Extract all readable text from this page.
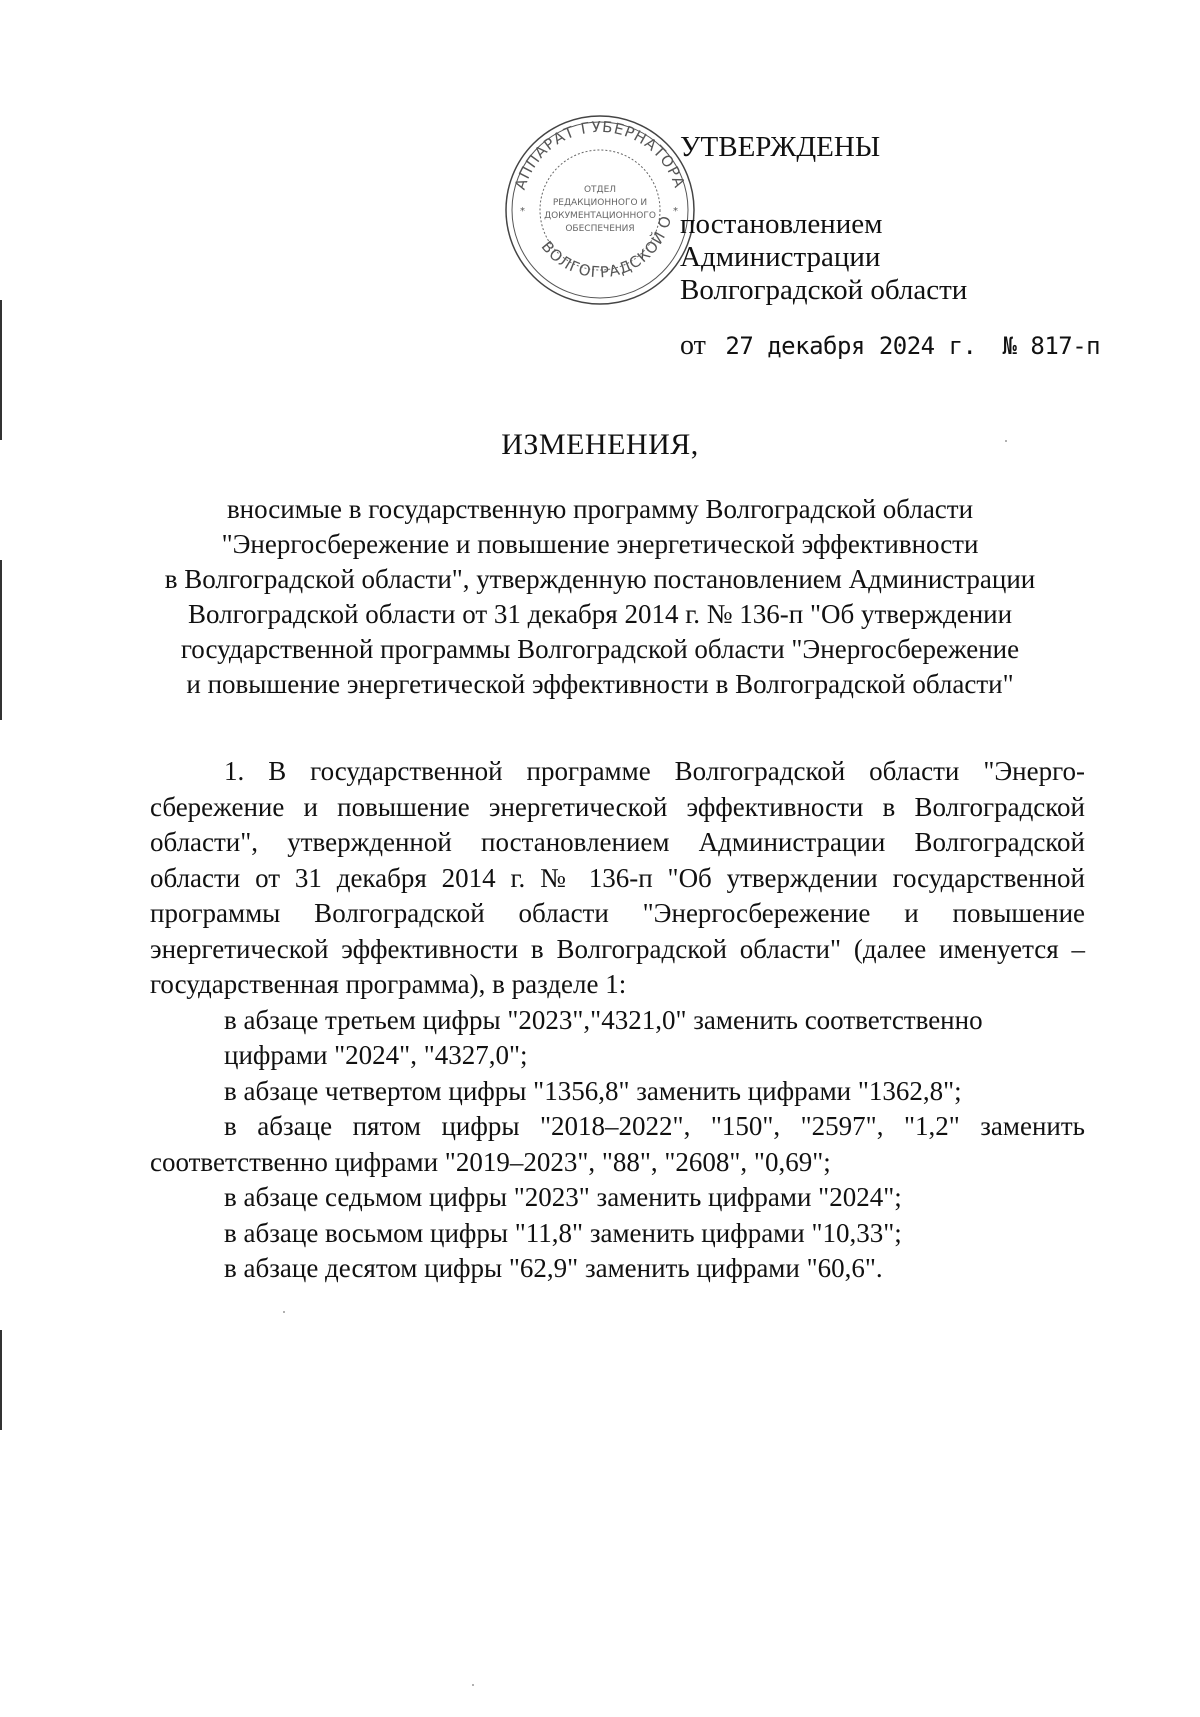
АППАРАТ ГУБЕРНАТОРА
ВОЛГОГРАДСКОЙ О
ОТДЕЛ
РЕДАКЦИОННОГО И
ДОКУМЕНТАЦИОННОГО
ОБЕСПЕЧЕНИЯ
*	*
УТВЕРЖДЕНЫ
постановлением
Администрации
Волгоградской области
от 27 декабря 2024 г. № 817-п
ИЗМЕНЕНИЯ,
вносимые в государственную программу Волгоградской области
"Энергосбережение и повышение энергетической эффективности
в Волгоградской области", утвержденную постановлением Администрации
Волгоградской области от 31 декабря 2014 г. № 136-п "Об утверждении
государственной программы Волгоградской области "Энергосбережение
и повышение энергетической эффективности в Волгоградской области"
1. В государственной программе Волгоградской области "Энерго-сбережение и повышение энергетической эффективности в Волгоградской области", утвержденной постановлением Администрации Волгоградской области от 31 декабря 2014 г. № 136-п "Об утверждении государственной программы Волгоградской области "Энергосбережение и повышение энергетической эффективности в Волгоградской области" (далее именуется – государственная программа), в разделе 1:
в абзаце третьем цифры "2023","4321,0" заменить соответственно
цифрами "2024", "4327,0";
в абзаце четвертом цифры "1356,8" заменить цифрами "1362,8";
в абзаце пятом цифры "2018–2022", "150", "2597", "1,2" заменить
соответственно цифрами "2019–2023", "88", "2608", "0,69";
в абзаце седьмом цифры "2023" заменить цифрами "2024";
в абзаце восьмом цифры "11,8" заменить цифрами "10,33";
в абзаце десятом цифры "62,9" заменить цифрами "60,6".
